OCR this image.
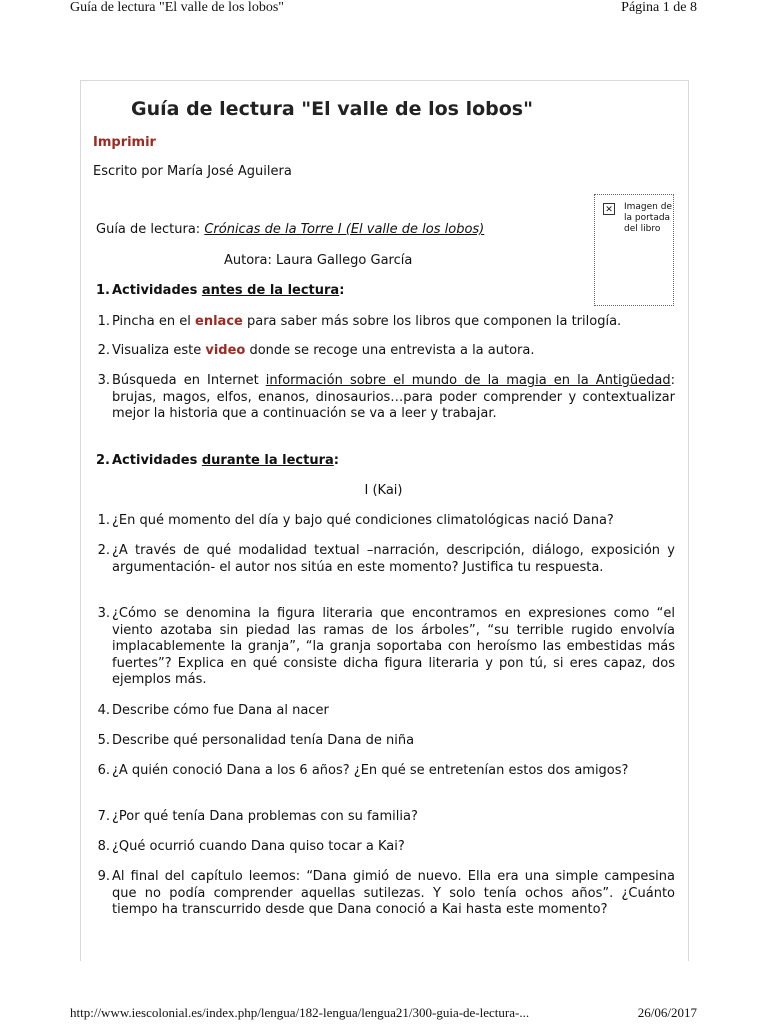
Guía de lectura "El valle de los lobos"	Página 1 de 8
Guía de lectura "El valle de los lobos"
Imprimir
Escrito por María José Aguilera
✕ Imagen de la portada del libro
Guía de lectura: Crónicas de la Torre I (El valle de los lobos)
Autora: Laura Gallego García
1. Actividades antes de la lectura:
1. Pincha en el enlace para saber más sobre los libros que componen la trilogía.
2. Visualiza este video donde se recoge una entrevista a la autora.
3. Búsqueda en Internet información sobre el mundo de la magia en la Antigüedad: brujas, magos, elfos, enanos, dinosaurios…para poder comprender y contextualizar mejor la historia que a continuación se va a leer y trabajar.
2. Actividades durante la lectura:
I (Kai)
1. ¿En qué momento del día y bajo qué condiciones climatológicas nació Dana?
2. ¿A través de qué modalidad textual –narración, descripción, diálogo, exposición y argumentación- el autor nos sitúa en este momento? Justifica tu respuesta.
3. ¿Cómo se denomina la figura literaria que encontramos en expresiones como “el viento azotaba sin piedad las ramas de los árboles”, “su terrible rugido envolvía implacablemente la granja”, “la granja soportaba con heroísmo las embestidas más fuertes”? Explica en qué consiste dicha figura literaria y pon tú, si eres capaz, dos ejemplos más.
4. Describe cómo fue Dana al nacer
5. Describe qué personalidad tenía Dana de niña
6. ¿A quién conoció Dana a los 6 años? ¿En qué se entretenían estos dos amigos?
7. ¿Por qué tenía Dana problemas con su familia?
8. ¿Qué ocurrió cuando Dana quiso tocar a Kai?
9. Al final del capítulo leemos: “Dana gimió de nuevo. Ella era una simple campesina que no podía comprender aquellas sutilezas. Y solo tenía ochos años”. ¿Cuánto tiempo ha transcurrido desde que Dana conoció a Kai hasta este momento?
http://www.iescolonial.es/index.php/lengua/182-lengua/lengua21/300-guia-de-lectura-...	26/06/2017
